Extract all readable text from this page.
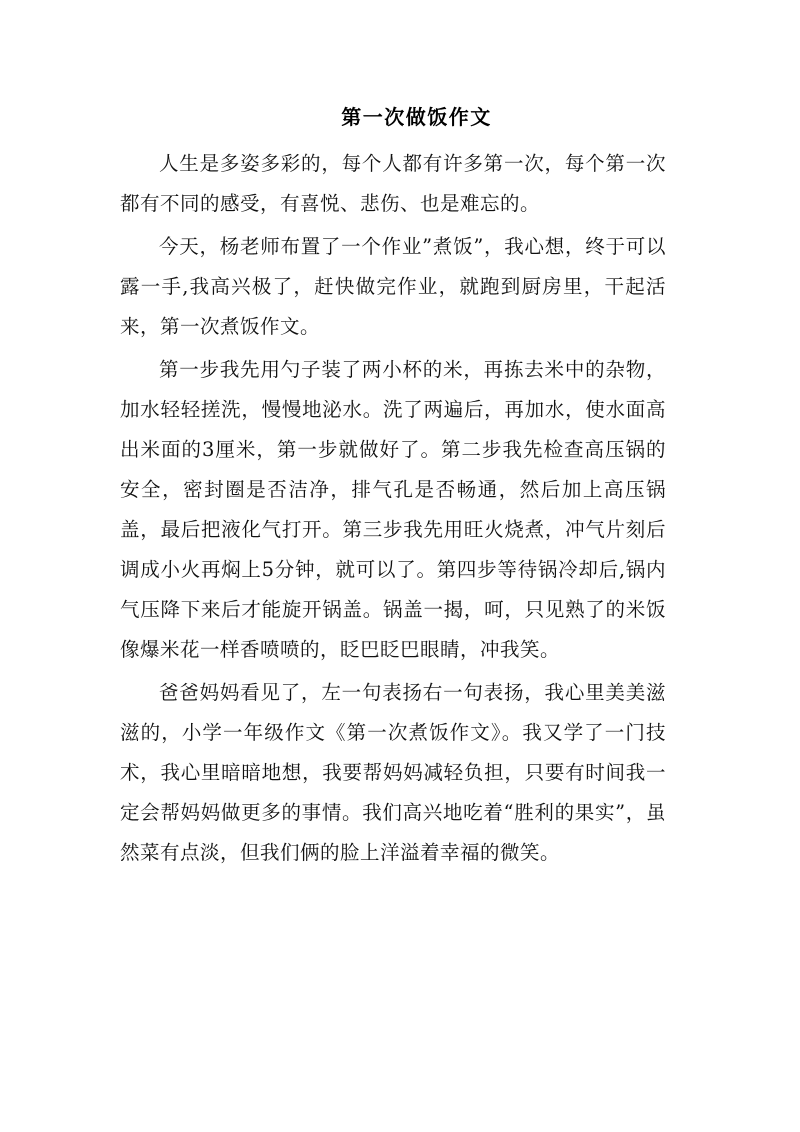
第一次做饭作文

人生是多姿多彩的，每个人都有许多第一次，每个第一次都有不同的感受，有喜悦、悲伤、也是难忘的。

今天，杨老师布置了一个作业”煮饭”，我心想，终于可以露一手,我高兴极了，赶快做完作业，就跑到厨房里，干起活来，第一次煮饭作文。

第一步我先用勺子装了两小杯的米，再拣去米中的杂物，加水轻轻搓洗，慢慢地泌水。洗了两遍后，再加水，使水面高出米面的3厘米，第一步就做好了。第二步我先检查高压锅的安全，密封圈是否洁净，排气孔是否畅通，然后加上高压锅盖，最后把液化气打开。第三步我先用旺火烧煮，冲气片刻后调成小火再焖上5分钟，就可以了。第四步等待锅冷却后,锅内气压降下来后才能旋开锅盖。锅盖一揭，呵，只见熟了的米饭像爆米花一样香喷喷的，眨巴眨巴眼睛，冲我笑。

爸爸妈妈看见了，左一句表扬右一句表扬，我心里美美滋滋的，小学一年级作文《第一次煮饭作文》。我又学了一门技术，我心里暗暗地想，我要帮妈妈减轻负担，只要有时间我一定会帮妈妈做更多的事情。我们高兴地吃着“胜利的果实”，虽然菜有点淡，但我们俩的脸上洋溢着幸福的微笑。
